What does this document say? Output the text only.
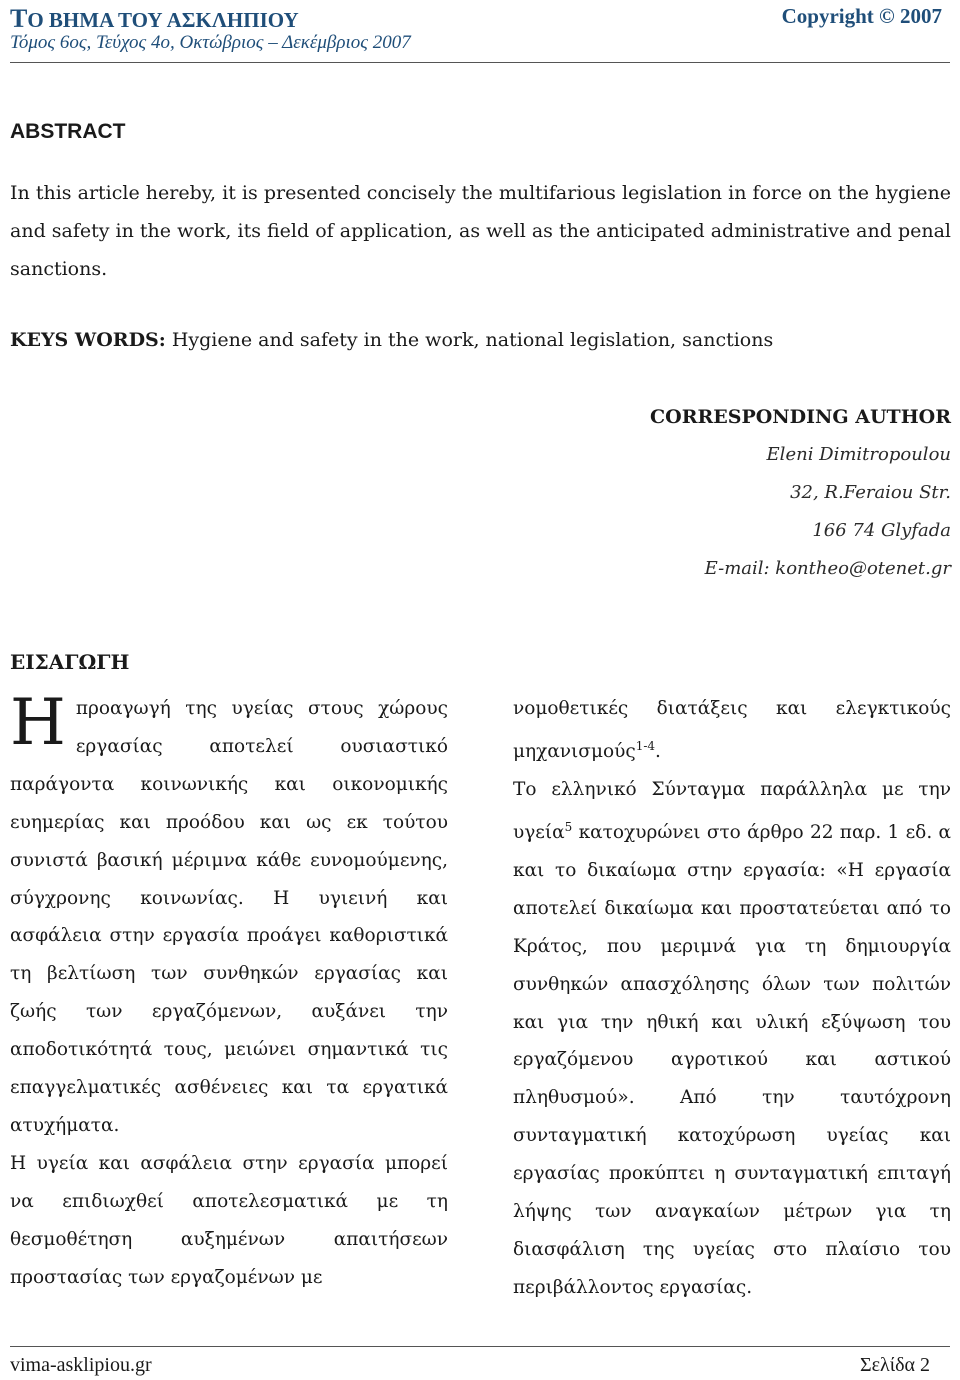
ΤΟ ΒΗΜΑ ΤΟΥ ΑΣΚΛΗΠΙΟΥ	Copyright © 2007
Τόμος 6ος, Τεύχος 4ο, Οκτώβριος – Δεκέμβριος 2007
ABSTRACT
In this article hereby, it is presented concisely the multifarious legislation in force on the hygiene and safety in the work, its field of application, as well as the anticipated administrative and penal sanctions.
KEYS WORDS: Hygiene and safety in the work, national legislation, sanctions
CORRESPONDING AUTHOR
Eleni Dimitropoulou
32, R.Feraiou Str.
166 74 Glyfada
E-mail: kontheo@otenet.gr
ΕΙΣΑΓΩΓΗ

Ηπροαγωγή της υγείας στους χώρους εργασίας αποτελεί ουσιαστικό παράγοντα κοινωνικής και οικονομικής ευημερίας και προόδου και ως εκ τούτου συνιστά βασική μέριμνα κάθε ευνομούμενης, σύγχρονης κοινωνίας. Η υγιεινή και ασφάλεια στην εργασία προάγει καθοριστικά τη βελτίωση των συνθηκών εργασίας και ζωής των εργαζόμενων, αυξάνει την αποδοτικότητά τους, μειώνει σημαντικά τις επαγγελματικές ασθένειες και τα εργατικά ατυχήματα.

Η υγεία και ασφάλεια στην εργασία μπορεί να επιδιωχθεί αποτελεσματικά με τη θεσμοθέτηση αυξημένων απαιτήσεων προστασίας των εργαζομένων με

νομοθετικές διατάξεις και ελεγκτικούς μηχανισμούς$^{1-4}$.

Το ελληνικό Σύνταγμα παράλληλα με την υγεία$^5$ κατοχυρώνει στο άρθρο 22 παρ. 1 εδ. α και το δικαίωμα στην εργασία: «Η εργασία αποτελεί δικαίωμα και προστατεύεται από το Κράτος, που μεριμνά για τη δημιουργία συνθηκών απασχόλησης όλων των πολιτών και για την ηθική και υλική εξύψωση του εργαζόμενου αγροτικού και αστικού πληθυσμού». Από την ταυτόχρονη συνταγματική κατοχύρωση υγείας και εργασίας προκύπτει η συνταγματική επιταγή λήψης των αναγκαίων μέτρων για τη διασφάλιση της υγείας στο πλαίσιο του περιβάλλοντος εργασίας.

vima-asklipiou.gr	Σελίδα 2
